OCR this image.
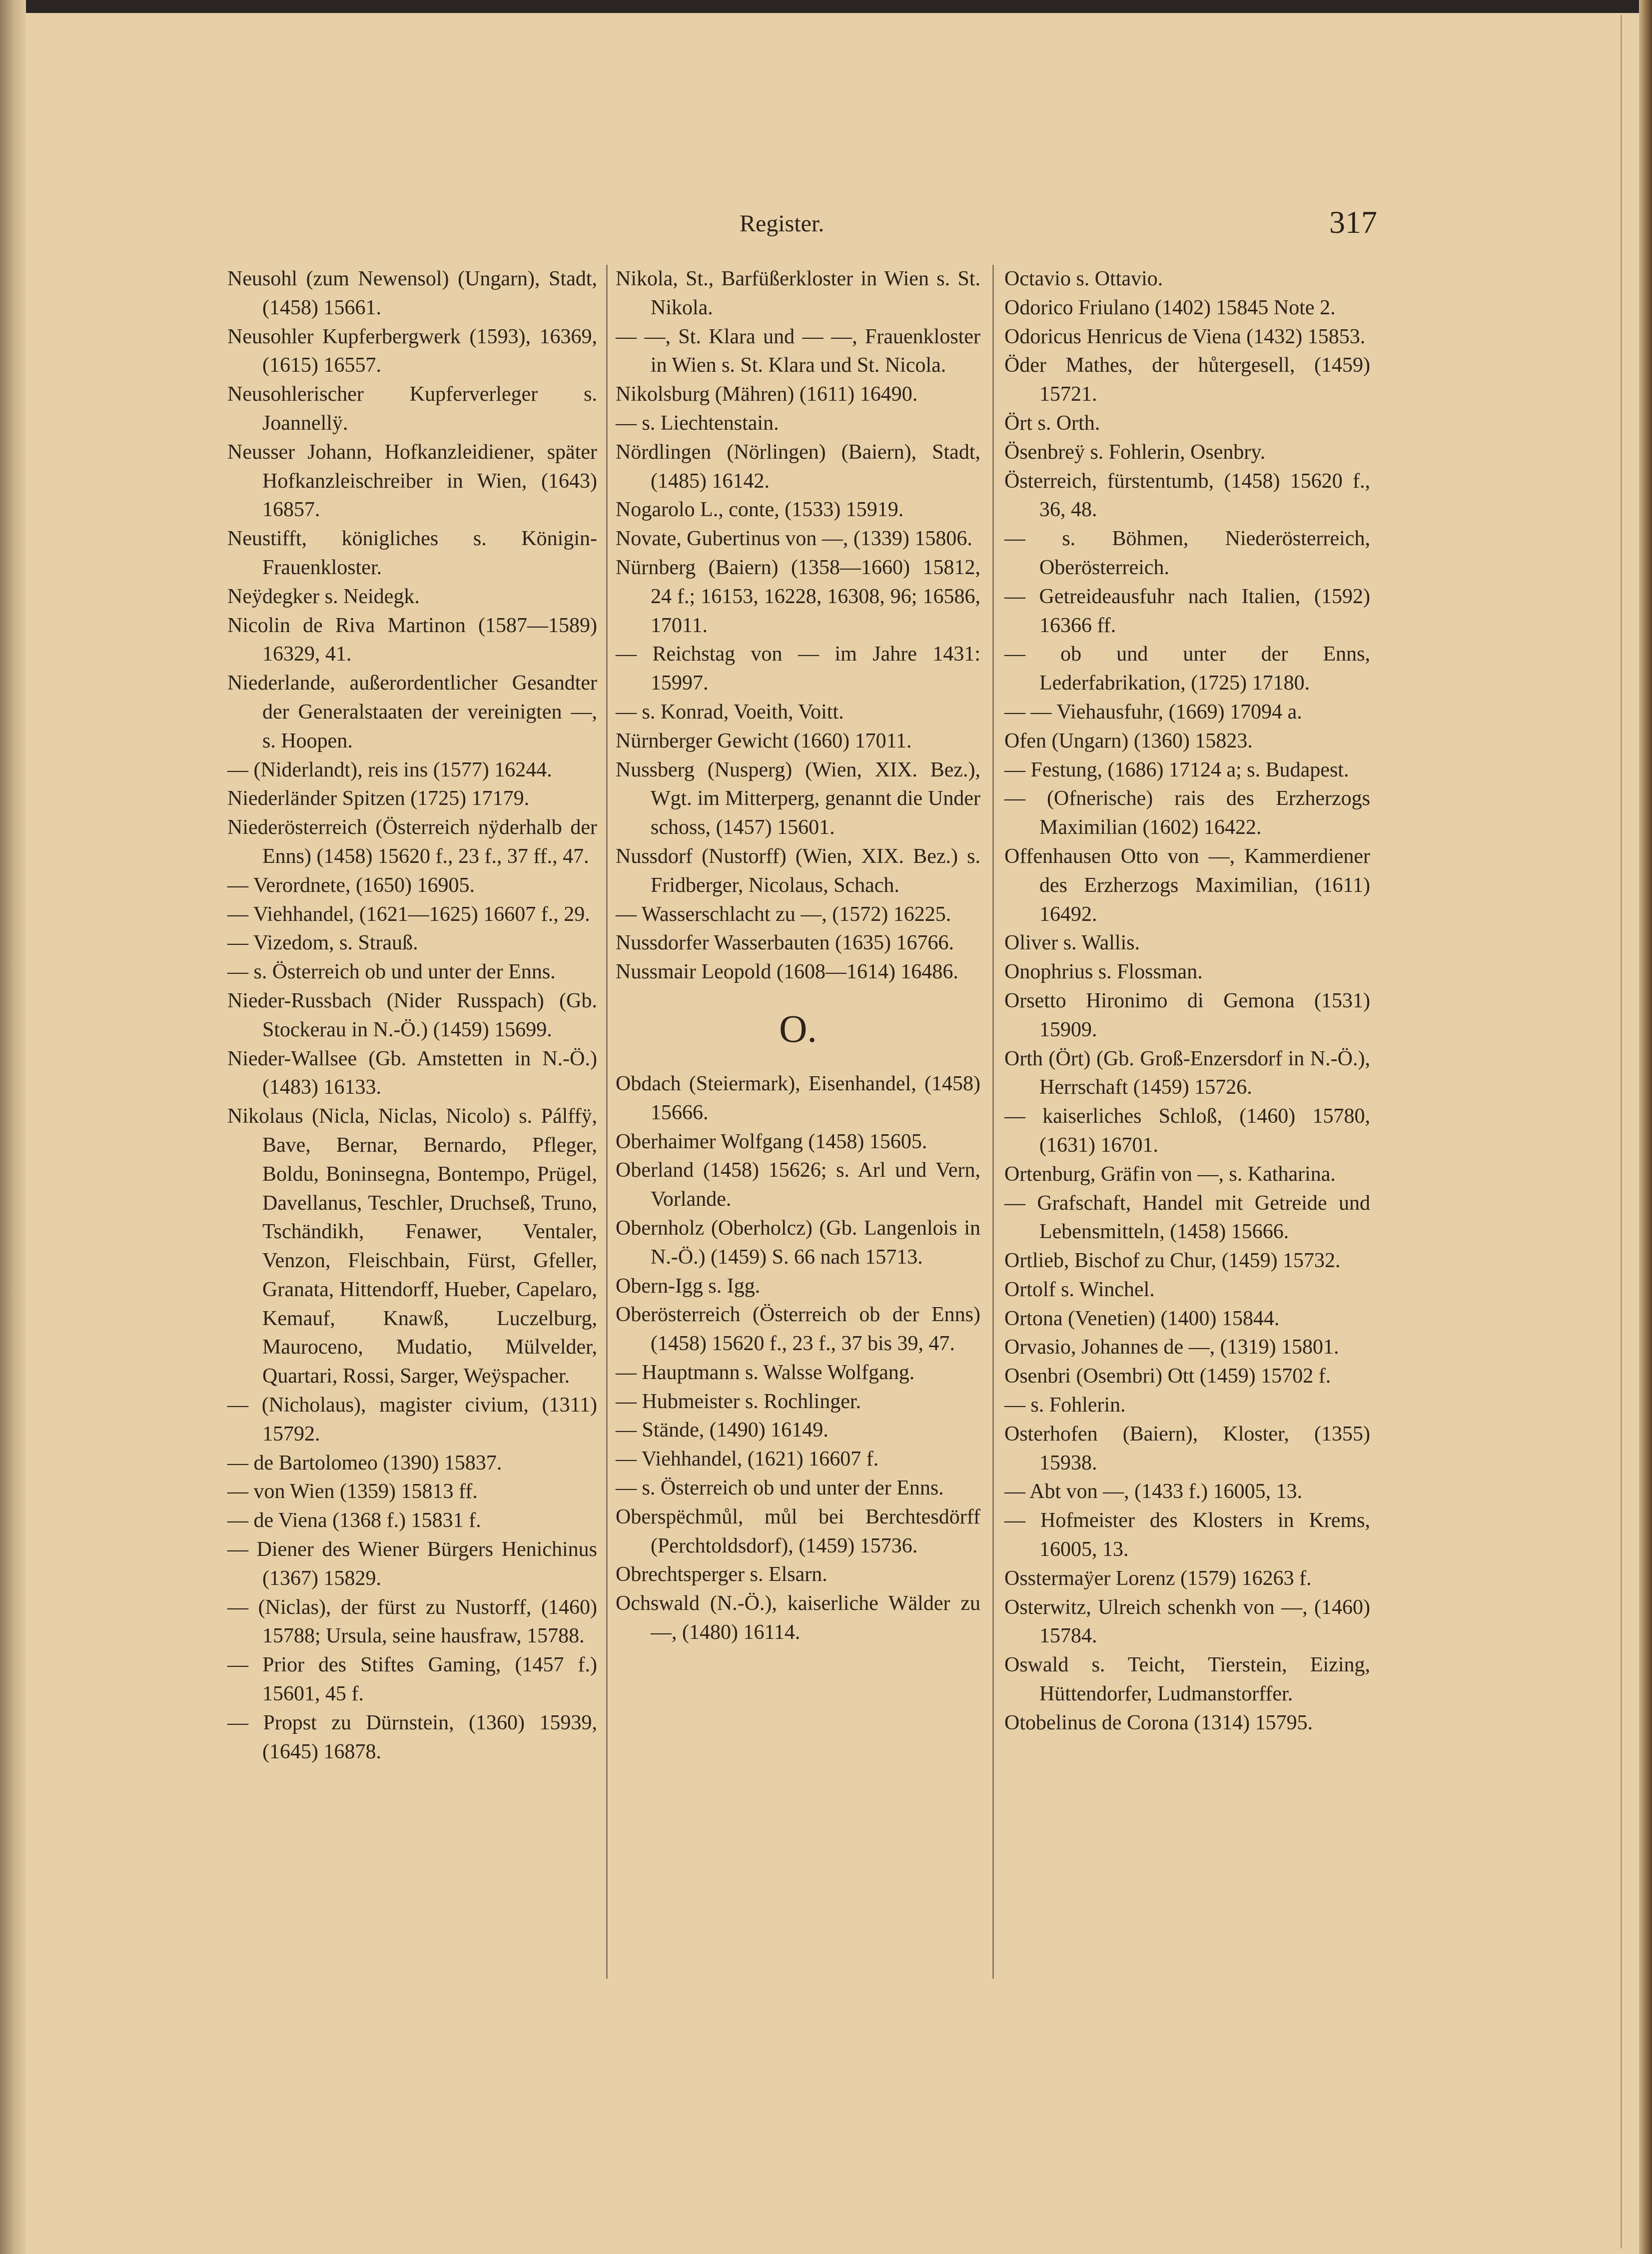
Register.	317

Neusohl (zum Newensol) (Ungarn), Stadt, (1458) 15661.

Neusohler Kupferbergwerk (1593), 16369, (1615) 16557.

Neusohlerischer Kupferverleger s. Joannellÿ.

Neusser Johann, Hofkanzleidiener, später Hofkanzleischreiber in Wien, (1643) 16857.

Neustifft, königliches s. Königin-Frauenkloster.

Neÿdegker s. Neidegk.

Nicolin de Riva Martinon (1587—1589) 16329, 41.

Niederlande, außerordentlicher Gesandter der Generalstaaten der vereinigten —, s. Hoopen.

— (Niderlandt), reis ins (1577) 16244.

Niederländer Spitzen (1725) 17179.

Niederösterreich (Österreich nÿderhalb der Enns) (1458) 15620 f., 23 f., 37 ff., 47.

— Verordnete, (1650) 16905.

— Viehhandel, (1621—1625) 16607 f., 29.

— Vizedom, s. Strauß.

— s. Österreich ob und unter der Enns.

Nieder-Russbach (Nider Russpach) (Gb. Stockerau in N.-Ö.) (1459) 15699.

Nieder-Wallsee (Gb. Amstetten in N.-Ö.) (1483) 16133.

Nikolaus (Nicla, Niclas, Nicolo) s. Pálffÿ, Bave, Bernar, Bernardo, Pfleger, Boldu, Boninsegna, Bontempo, Prügel, Davellanus, Teschler, Druchseß, Truno, Tschändikh, Fenawer, Ventaler, Venzon, Fleischbain, Fürst, Gfeller, Granata, Hittendorff, Hueber, Capelaro, Kemauf, Knawß, Luczelburg, Mauroceno, Mudatio, Mülvelder, Quartari, Rossi, Sarger, Weÿspacher.

— (Nicholaus), magister civium, (1311) 15792.

— de Bartolomeo (1390) 15837.

— von Wien (1359) 15813 ff.

— de Viena (1368 f.) 15831 f.

— Diener des Wiener Bürgers Henichinus (1367) 15829.

— (Niclas), der fürst zu Nustorff, (1460) 15788; Ursula, seine hausfraw, 15788.

— Prior des Stiftes Gaming, (1457 f.) 15601, 45 f.

— Propst zu Dürnstein, (1360) 15939, (1645) 16878.

Nikola, St., Barfüßerkloster in Wien s. St. Nikola.

— —, St. Klara und — —, Frauenkloster in Wien s. St. Klara und St. Nicola.

Nikolsburg (Mähren) (1611) 16490.

— s. Liechtenstain.

Nördlingen (Nörlingen) (Baiern), Stadt, (1485) 16142.

Nogarolo L., conte, (1533) 15919.

Novate, Gubertinus von —, (1339) 15806.

Nürnberg (Baiern) (1358—1660) 15812, 24 f.; 16153, 16228, 16308, 96; 16586, 17011.

— Reichstag von — im Jahre 1431: 15997.

— s. Konrad, Voeith, Voitt.

Nürnberger Gewicht (1660) 17011.

Nussberg (Nusperg) (Wien, XIX. Bez.), Wgt. im Mitterperg, genannt die Under schoss, (1457) 15601.

Nussdorf (Nustorff) (Wien, XIX. Bez.) s. Fridberger, Nicolaus, Schach.

— Wasserschlacht zu —, (1572) 16225.

Nussdorfer Wasserbauten (1635) 16766.

Nussmair Leopold (1608—1614) 16486.

O.

Obdach (Steiermark), Eisenhandel, (1458) 15666.

Oberhaimer Wolfgang (1458) 15605.

Oberland (1458) 15626; s. Arl und Vern, Vorlande.

Obernholz (Oberholcz) (Gb. Langenlois in N.-Ö.) (1459) S. 66 nach 15713.

Obern-Igg s. Igg.

Oberösterreich (Österreich ob der Enns) (1458) 15620 f., 23 f., 37 bis 39, 47.

— Hauptmann s. Walsse Wolfgang.

— Hubmeister s. Rochlinger.

— Stände, (1490) 16149.

— Viehhandel, (1621) 16607 f.

— s. Österreich ob und unter der Enns.

Oberspëchmůl, můl bei Berchtesdörff (Perchtoldsdorf), (1459) 15736.

Obrechtsperger s. Elsarn.

Ochswald (N.-Ö.), kaiserliche Wälder zu —, (1480) 16114.

Octavio s. Ottavio.

Odorico Friulano (1402) 15845 Note 2.

Odoricus Henricus de Viena (1432) 15853.

Öder Mathes, der hůtergesell, (1459) 15721.

Ört s. Orth.

Ösenbreÿ s. Fohlerin, Osenbry.

Österreich, fürstentumb, (1458) 15620 f., 36, 48.

— s. Böhmen, Niederösterreich, Oberösterreich.

— Getreideausfuhr nach Italien, (1592) 16366 ff.

— ob und unter der Enns, Lederfabrikation, (1725) 17180.

— — Viehausfuhr, (1669) 17094 a.

Ofen (Ungarn) (1360) 15823.

— Festung, (1686) 17124 a; s. Budapest.

— (Ofnerische) rais des Erzherzogs Maximilian (1602) 16422.

Offenhausen Otto von —, Kammerdiener des Erzherzogs Maximilian, (1611) 16492.

Oliver s. Wallis.

Onophrius s. Flossman.

Orsetto Hironimo di Gemona (1531) 15909.

Orth (Ört) (Gb. Groß-Enzersdorf in N.-Ö.), Herrschaft (1459) 15726.

— kaiserliches Schloß, (1460) 15780, (1631) 16701.

Ortenburg, Gräfin von —, s. Katharina.

— Grafschaft, Handel mit Getreide und Lebensmitteln, (1458) 15666.

Ortlieb, Bischof zu Chur, (1459) 15732.

Ortolf s. Winchel.

Ortona (Venetien) (1400) 15844.

Orvasio, Johannes de —, (1319) 15801.

Osenbri (Osembri) Ott (1459) 15702 f.

— s. Fohlerin.

Osterhofen (Baiern), Kloster, (1355) 15938.

— Abt von —, (1433 f.) 16005, 13.

— Hofmeister des Klosters in Krems, 16005, 13.

Osstermaÿer Lorenz (1579) 16263 f.

Osterwitz, Ulreich schenkh von —, (1460) 15784.

Oswald s. Teicht, Tierstein, Eizing, Hüttendorfer, Ludmanstorffer.

Otobelinus de Corona (1314) 15795.
